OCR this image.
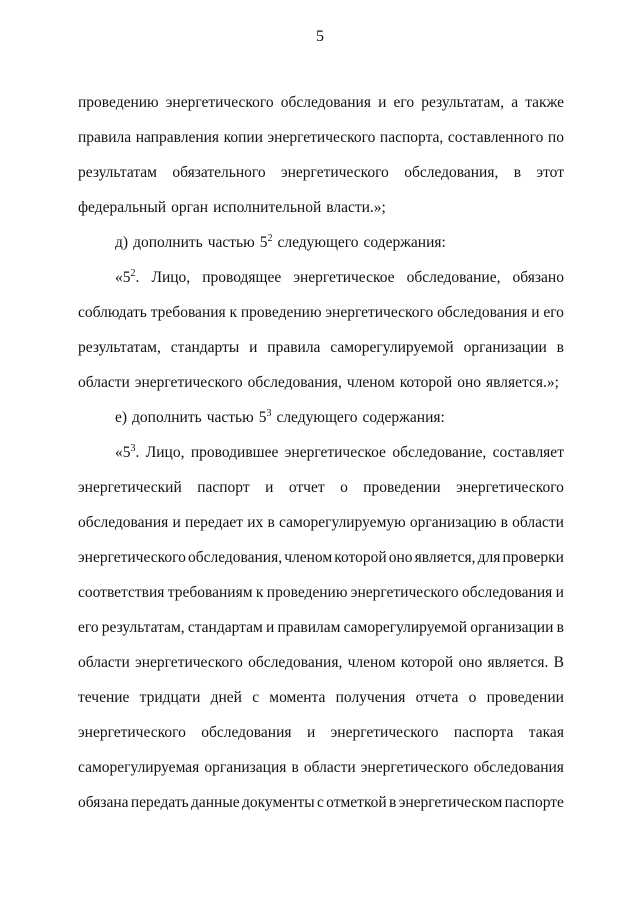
5
проведению энергетического обследования и его результатам, а также
правила направления копии энергетического паспорта, составленного по
результатам обязательного энергетического обследования, в этот
федеральный орган исполнительной власти.»;
д) дополнить частью $5^2$ следующего содержания:
«$5^2$. Лицо, проводящее энергетическое обследование, обязано
соблюдать требования к проведению энергетического обследования и его
результатам, стандарты и правила саморегулируемой организации в
области энергетического обследования, членом которой оно является.»;
е) дополнить частью $5^3$ следующего содержания:
«$5^3$. Лицо, проводившее энергетическое обследование, составляет
энергетический паспорт и отчет о проведении энергетического
обследования и передает их в саморегулируемую организацию в области
энергетического обследования, членом которой оно является, для проверки
соответствия требованиям к проведению энергетического обследования и
его результатам, стандартам и правилам саморегулируемой организации в
области энергетического обследования, членом которой оно является. В
течение тридцати дней с момента получения отчета о проведении
энергетического обследования и энергетического паспорта такая
саморегулируемая организация в области энергетического обследования
обязана передать данные документы с отметкой в энергетическом паспорте
